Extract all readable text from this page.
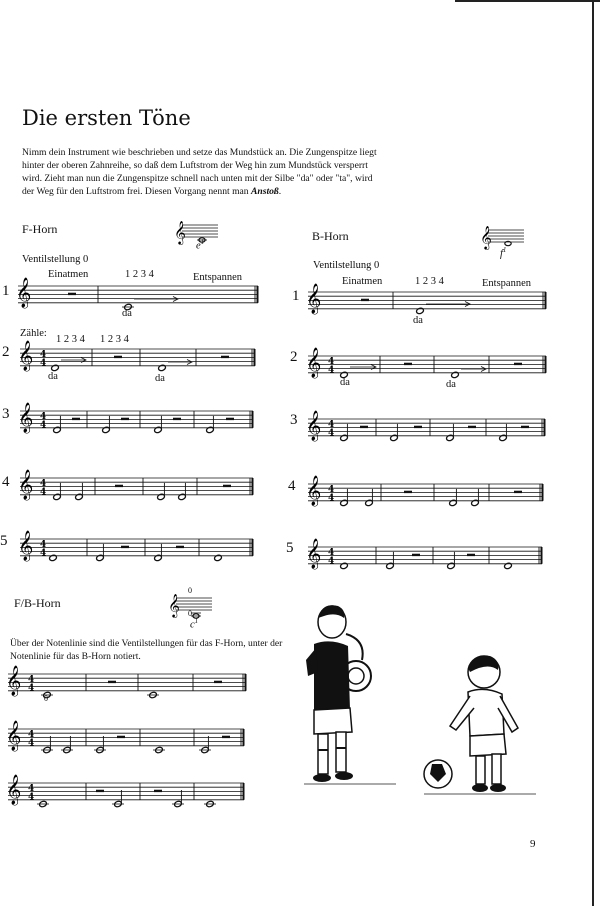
Die ersten Töne

Nimm dein Instrument wie beschrieben und setze das Mundstück an. Die Zungenspitze liegt hinter der oberen Zahnreihe, so daß dem Luftstrom der Weg hin zum Mundstück versperrt wird. Zieht man nun die Zungenspitze schnell nach unten mit der Silbe "da" oder "ta", wird der Weg für den Luftstrom frei. Diesen Vorgang nennt man Anstoß.

F-Horn	𝄞
$e^1$
Ventilstellung 0
Einatmen	1 2 3 4	Entspannen
da
Zähle:
1 2 3 4 1 2 3 4
da	da
1
2
3
4
5
B-Horn	𝄞
$f^1$
Ventilstellung 0
Einatmen	1 2 3 4	Entspannen
da
da	da
1
2
3
4
5
F/B-Horn	𝄞
0
0
$c^1$

Über der Notenlinie sind die Ventilstellungen für das F-Horn, unter der Notenlinie für das B-Horn notiert.

0
𝄞
𝄞 4
4
𝄞 4
4
𝄞 4
4
𝄞 4
4
𝄞
𝄞 4
4
𝄞 4
4
𝄞 4
4
𝄞 4
4
𝄞 4
4
𝄞 4
4
𝄞 4
4
9
